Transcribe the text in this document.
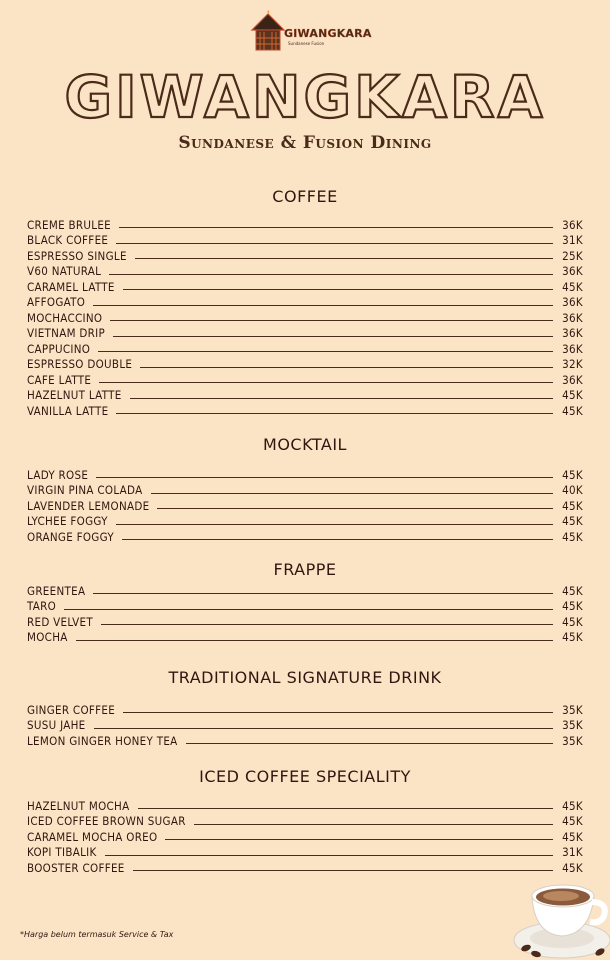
GIWANGKARA
Sundanese Fusion
GIWANGKARA
Sundanese & Fusion Dining
COFFEE
CREME BRULEE	36K
BLACK COFFEE	31K
ESPRESSO SINGLE	25K
V60 NATURAL	36K
CARAMEL LATTE	45K
AFFOGATO	36K
MOCHACCINO	36K
VIETNAM DRIP	36K
CAPPUCINO	36K
ESPRESSO DOUBLE	32K
CAFE LATTE	36K
HAZELNUT LATTE	45K
VANILLA LATTE	45K
MOCKTAIL
LADY ROSE	45K
VIRGIN PINA COLADA	40K
LAVENDER LEMONADE	45K
LYCHEE FOGGY	45K
ORANGE FOGGY	45K
FRAPPE
GREENTEA	45K
TARO	45K
RED VELVET	45K
MOCHA	45K
TRADITIONAL SIGNATURE DRINK
GINGER COFFEE	35K
SUSU JAHE	35K
LEMON GINGER HONEY TEA	35K
ICED COFFEE SPECIALITY
HAZELNUT MOCHA	45K
ICED COFFEE BROWN SUGAR	45K
CARAMEL MOCHA OREO	45K
KOPI TIBALIK	31K
BOOSTER COFFEE	45K
*Harga belum termasuk Service & Tax
